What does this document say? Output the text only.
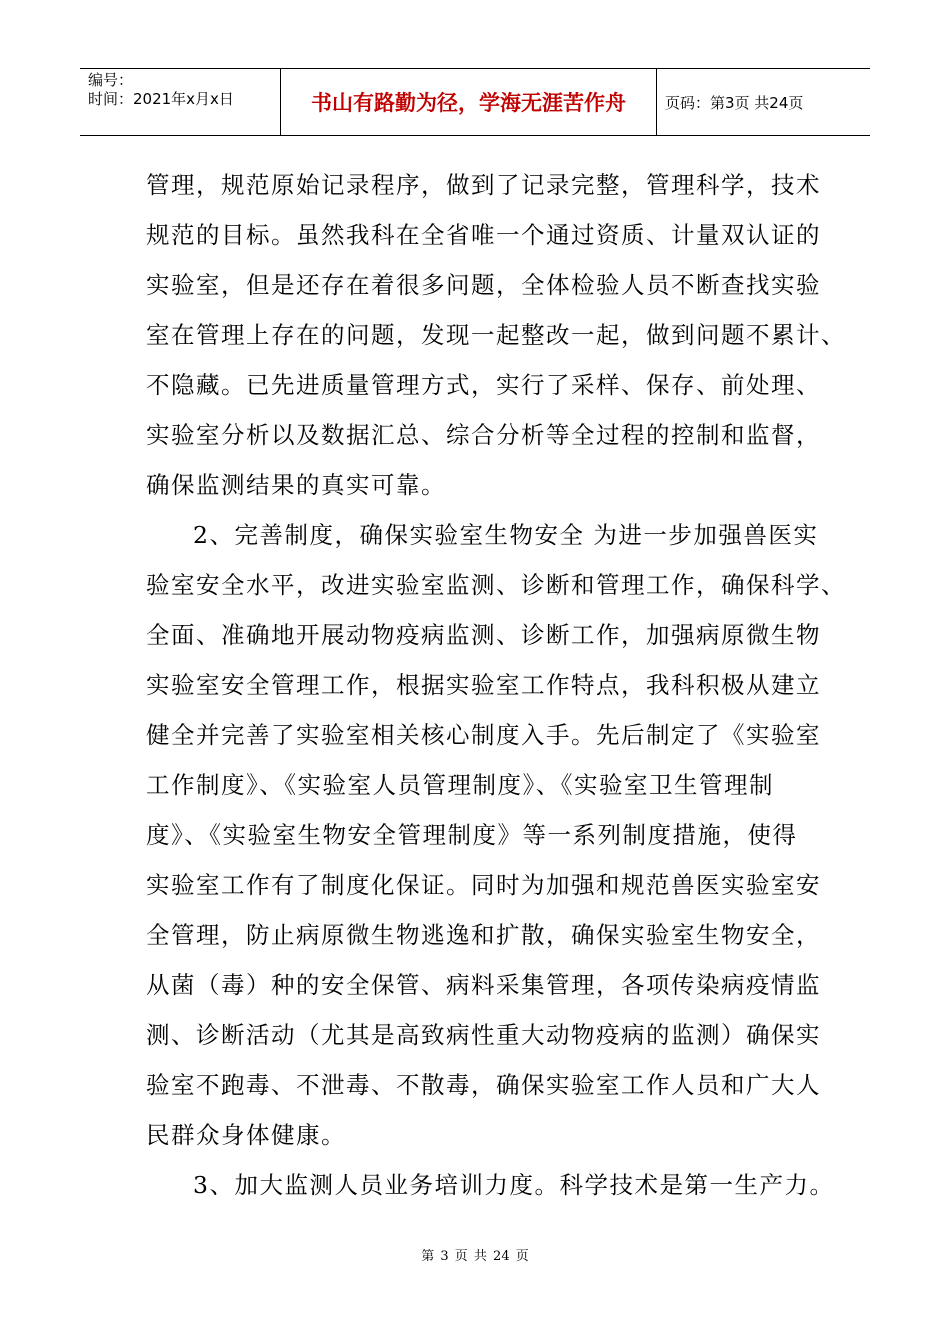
编号：
时间：2021年x月x日	书山有路勤为径，学海无涯苦作舟	页码：第3页 共24页
管理，规范原始记录程序，做到了记录完整，管理科学，技术
规范的目标。虽然我科在全省唯一个通过资质、计量双认证的
实验室，但是还存在着很多问题，全体检验人员不断查找实验
室在管理上存在的问题，发现一起整改一起，做到问题不累计、
不隐藏。已先进质量管理方式，实行了采样、保存、前处理、
实验室分析以及数据汇总、综合分析等全过程的控制和监督，
确保监测结果的真实可靠。
2、完善制度，确保实验室生物安全 为进一步加强兽医实
验室安全水平，改进实验室监测、诊断和管理工作，确保科学、
全面、准确地开展动物疫病监测、诊断工作，加强病原微生物
实验室安全管理工作，根据实验室工作特点，我科积极从建立
健全并完善了实验室相关核心制度入手。先后制定了《实验室
工作制度》、《实验室人员管理制度》、《实验室卫生管理制
度》、《实验室生物安全管理制度》等一系列制度措施，使得
实验室工作有了制度化保证。同时为加强和规范兽医实验室安
全管理，防止病原微生物逃逸和扩散，确保实验室生物安全，
从菌（毒）种的安全保管、病料采集管理，各项传染病疫情监
测、诊断活动（尤其是高致病性重大动物疫病的监测）确保实
验室不跑毒、不泄毒、不散毒，确保实验室工作人员和广大人
民群众身体健康。
3、加大监测人员业务培训力度。科学技术是第一生产力。
第 3 页 共 24 页
